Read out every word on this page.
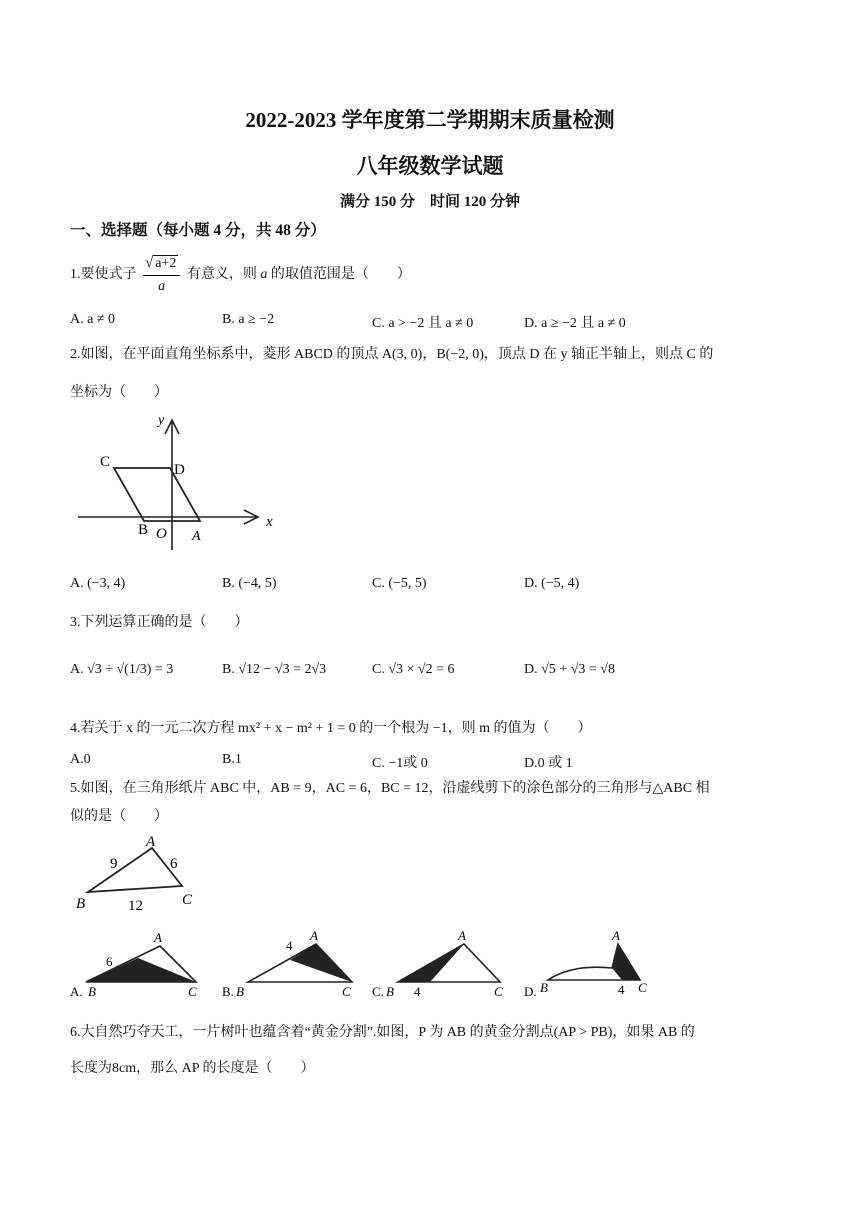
2022-2023 学年度第二学期期末质量检测
八年级数学试题
满分 150 分　时间 120 分钟
一、选择题（每小题 4 分，共 48 分）
1.要使式子 $\frac{√ a+2}{a}$ 有意义，则 a 的取值范围是（　　）
A. a ≠ 0	B. a ≥ −2	C. a > −2 且 a ≠ 0	D. a ≥ −2 且 a ≠ 0
2.如图，在平面直角坐标系中，菱形 ABCD 的顶点 A(3, 0)，B(−2, 0)，顶点 D 在 y 轴正半轴上，则点 C 的
坐标为（　　）
x
y
C	D
B O A
A. (−3, 4)	B. (−4, 5)	C. (−5, 5)	D. (−5, 4)
3.下列运算正确的是（　　）
A. √3 ÷ √(1/3) = 3	B. √12 − √3 = 2√3	C. √3 × √2 = 6	D. √5 + √3 = √8
4.若关于 x 的一元二次方程 mx² + x − m² + 1 = 0 的一个根为 −1，则 m 的值为（　　）
A.0	B.1	C. −1或 0	D.0 或 1
5.如图，在三角形纸片 ABC 中，AB = 9，AC = 6，BC = 12，沿虚线剪下的涂色部分的三角形与△ABC 相
似的是（　　）
A
B	C
9	6
12
A
B	C
6
A.
A
B	C
4
B.
A
B	C
4
C.
A
B	C
4
D.
6.大自然巧夺天工，一片树叶也蕴含着“黄金分割”.如图，P 为 AB 的黄金分割点(AP > PB)，如果 AB 的
长度为8cm，那么 AP 的长度是（　　）
